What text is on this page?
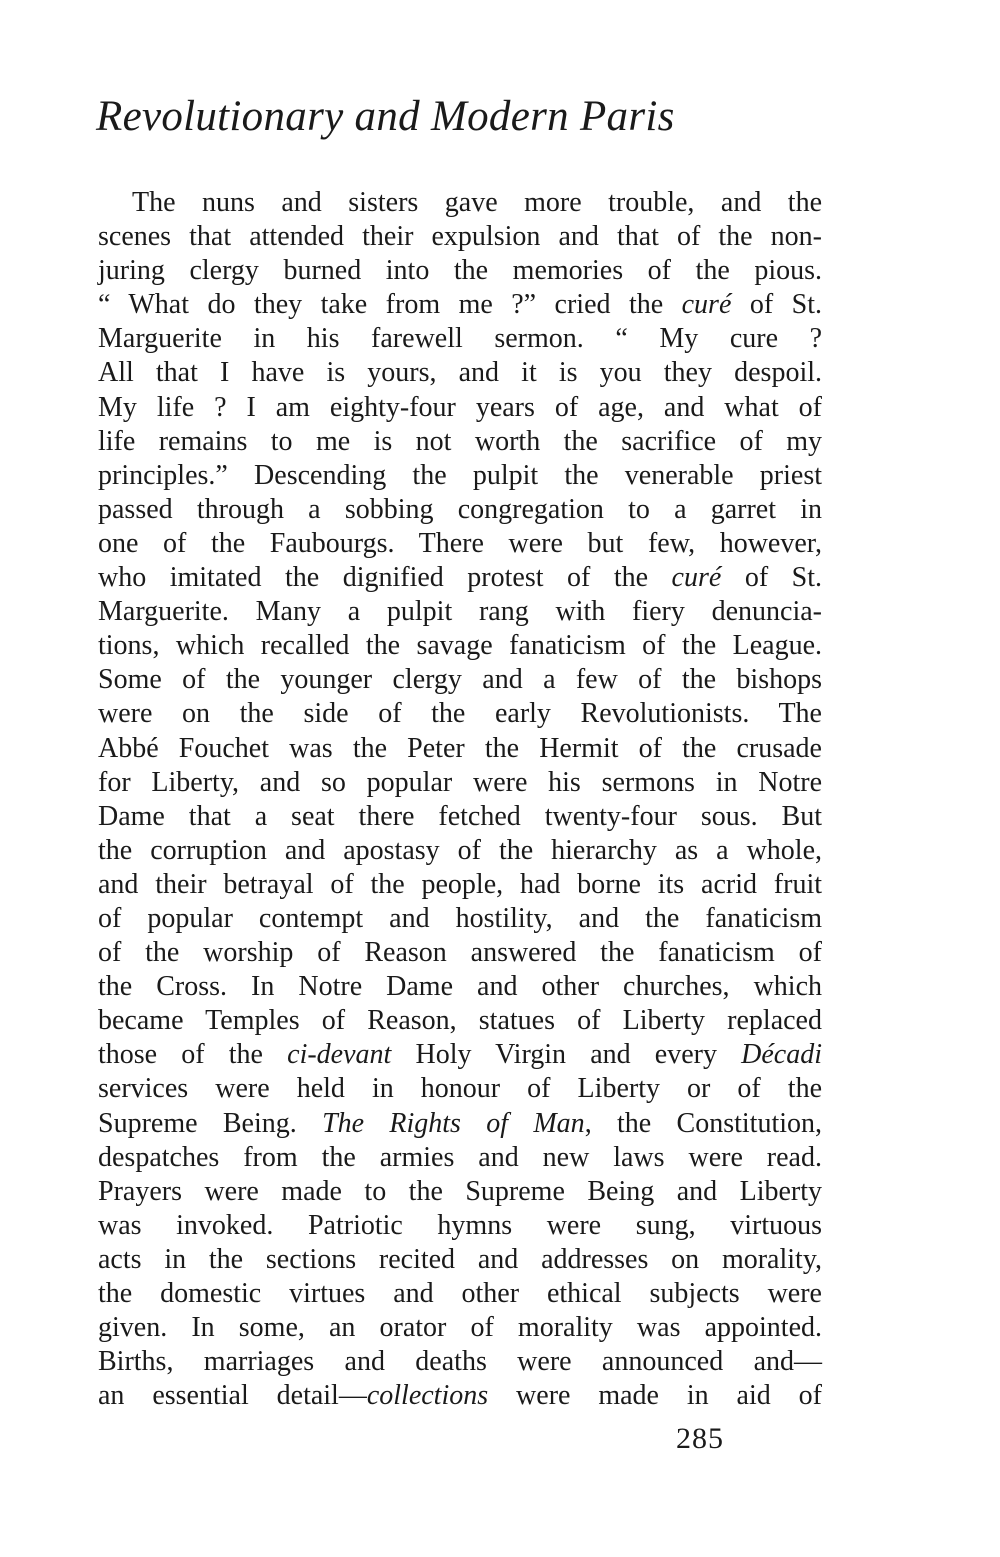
Revolutionary and Modern Paris
The nuns and sisters gave more trouble, and the
scenes that attended their expulsion and that of the non-
juring clergy burned into the memories of the pious.
“ What do they take from me ?” cried the curé of St.
Marguerite in his farewell sermon. “ My cure ?
All that I have is yours, and it is you they despoil.
My life ? I am eighty-four years of age, and what of
life remains to me is not worth the sacrifice of my
principles.” Descending the pulpit the venerable priest
passed through a sobbing congregation to a garret in
one of the Faubourgs. There were but few, however,
who imitated the dignified protest of the curé of St.
Marguerite. Many a pulpit rang with fiery denuncia-
tions, which recalled the savage fanaticism of the League.
Some of the younger clergy and a few of the bishops
were on the side of the early Revolutionists. The
Abbé Fouchet was the Peter the Hermit of the crusade
for Liberty, and so popular were his sermons in Notre
Dame that a seat there fetched twenty-four sous. But
the corruption and apostasy of the hierarchy as a whole,
and their betrayal of the people, had borne its acrid fruit
of popular contempt and hostility, and the fanaticism
of the worship of Reason answered the fanaticism of
the Cross. In Notre Dame and other churches, which
became Temples of Reason, statues of Liberty replaced
those of the ci-devant Holy Virgin and every Décadi
services were held in honour of Liberty or of the
Supreme Being. The Rights of Man, the Constitution,
despatches from the armies and new laws were read.
Prayers were made to the Supreme Being and Liberty
was invoked. Patriotic hymns were sung, virtuous
acts in the sections recited and addresses on morality,
the domestic virtues and other ethical subjects were
given. In some, an orator of morality was appointed.
Births, marriages and deaths were announced and—
an essential detail—collections were made in aid of
285
